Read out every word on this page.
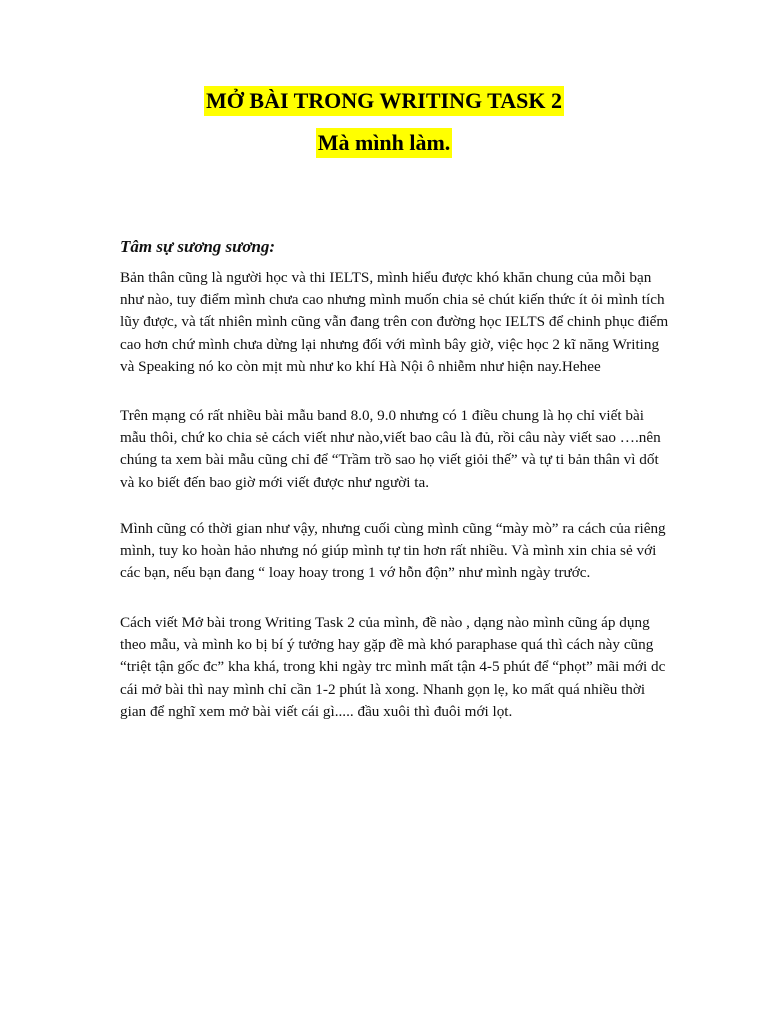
MỞ BÀI TRONG WRITING TASK 2
Mà mình làm.
Tâm sự sương sương:
Bản thân cũng là người học và thi IELTS, mình hiểu được khó khăn chung của mỗi bạn như nào, tuy điểm mình chưa cao nhưng mình muốn chia sẻ chút kiến thức ít ỏi mình tích lũy được, và tất nhiên mình cũng vẫn đang trên con đường học IELTS để chinh phục điểm cao hơn chứ mình chưa dừng lại nhưng đối với mình bây giờ, việc học 2 kĩ năng Writing và Speaking nó ko còn mịt mù như ko khí Hà Nội ô nhiễm như hiện nay.Hehee
Trên mạng có rất nhiều bài mẫu band 8.0, 9.0 nhưng có 1 điều chung là họ chỉ viết bài mẫu thôi, chứ ko chia sẻ cách viết như nào,viết bao câu là đủ, rồi câu này viết sao ….nên chúng ta xem bài mẫu cũng chỉ để “Trầm trồ sao họ viết giỏi thế” và tự ti bản thân vì dốt và ko biết đến bao giờ mới viết được như người ta.
Mình cũng có thời gian như vậy, nhưng cuối cùng mình cũng “mày mò” ra cách của riêng mình, tuy ko hoàn hảo nhưng nó giúp mình tự tin hơn rất nhiều. Và mình xin chia sẻ với các bạn, nếu bạn đang “ loay hoay trong 1 vớ hỗn độn” như mình ngày trước.
Cách viết Mở bài trong Writing Task 2 của mình, đề nào , dạng nào mình cũng áp dụng theo mẫu, và mình ko bị bí ý tưởng hay gặp đề mà khó paraphase quá thì cách này cũng “triệt tận gốc đc” kha khá, trong khi ngày trc mình mất tận 4-5 phút để “phọt” mãi mới dc cái mở bài thì nay mình chỉ cần 1-2 phút là xong. Nhanh gọn lẹ, ko mất quá nhiều thời gian để nghĩ xem mở bài viết cái gì..... đầu xuôi thì đuôi mới lọt.
